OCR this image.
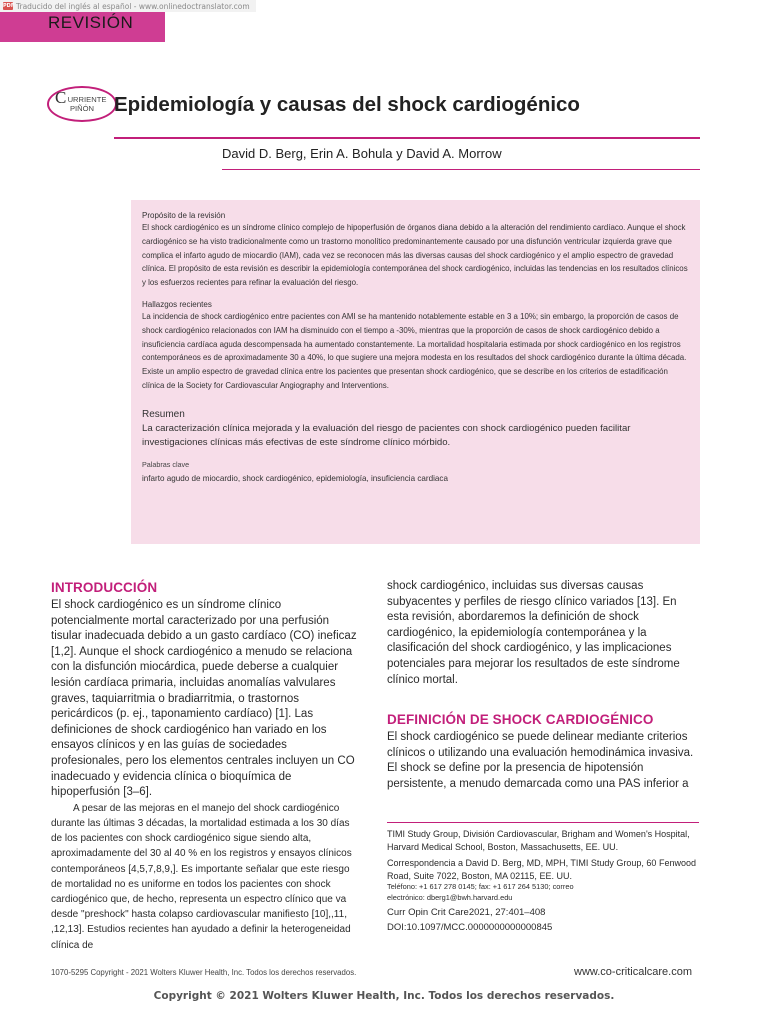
PDF Traducido del inglés al español - www.onlinedoctranslator.com
REVISIÓN
URRIENTE
PIÑÓN
C Epidemiología y causas del shock cardiogénico
David D. Berg, Erin A. Bohula y David A. Morrow
Propósito de la revisión
El shock cardiogénico es un síndrome clínico complejo de hipoperfusión de órganos diana debido a la alteración del rendimiento cardíaco. Aunque el shock cardiogénico se ha visto tradicionalmente como un trastorno monolítico predominantemente causado por una disfunción ventricular izquierda grave que complica el infarto agudo de miocardio (IAM), cada vez se reconocen más las diversas causas del shock cardiogénico y el amplio espectro de gravedad clínica. El propósito de esta revisión es describir la epidemiología contemporánea del shock cardiogénico, incluidas las tendencias en los resultados clínicos y los esfuerzos recientes para refinar la evaluación del riesgo.
Hallazgos recientes
La incidencia de shock cardiogénico entre pacientes con AMI se ha mantenido notablemente estable en 3 a 10%; sin embargo, la proporción de casos de shock cardiogénico relacionados con IAM ha disminuido con el tiempo a -30%, mientras que la proporción de casos de shock cardiogénico debido a insuficiencia cardíaca aguda descompensada ha aumentado constantemente. La mortalidad hospitalaria estimada por shock cardiogénico en los registros contemporáneos es de aproximadamente 30 a 40%, lo que sugiere una mejora modesta en los resultados del shock cardiogénico durante la última década. Existe un amplio espectro de gravedad clínica entre los pacientes que presentan shock cardiogénico, que se describe en los criterios de estadificación clínica de la Society for Cardiovascular Angiography and Interventions.
Resumen
La caracterización clínica mejorada y la evaluación del riesgo de pacientes con shock cardiogénico pueden facilitar investigaciones clínicas más efectivas de este síndrome clínico mórbido.
Palabras clave
infarto agudo de miocardio, shock cardiogénico, epidemiología, insuficiencia cardiaca
INTRODUCCIÓN

El shock cardiogénico es un síndrome clínico potencialmente mortal caracterizado por una perfusión tisular inadecuada debido a un gasto cardíaco (CO) ineficaz [1,2]. Aunque el shock cardiogénico a menudo se relaciona con la disfunción miocárdica, puede deberse a cualquier lesión cardíaca primaria, incluidas anomalías valvulares graves, taquiarritmia o bradiarritmia, o trastornos pericárdicos (p. ej., taponamiento cardíaco) [1]. Las definiciones de shock cardiogénico han variado en los ensayos clínicos y en las guías de sociedades profesionales, pero los elementos centrales incluyen un CO inadecuado y evidencia clínica o bioquímica de hipoperfusión [3–6].

A pesar de las mejoras en el manejo del shock cardiogénico durante las últimas 3 décadas, la mortalidad estimada a los 30 días de los pacientes con shock cardiogénico sigue siendo alta, aproximadamente del 30 al 40 % en los registros y ensayos clínicos contemporáneos [4,5,7,8,9,]. Es importante señalar que este riesgo de mortalidad no es uniforme en todos los pacientes con shock cardiogénico que, de hecho, representa un espectro clínico que va desde "preshock" hasta colapso cardiovascular manifiesto [10],,11, ,12,13]. Estudios recientes han ayudado a definir la heterogeneidad clínica de

shock cardiogénico, incluidas sus diversas causas subyacentes y perfiles de riesgo clínico variados [13]. En esta revisión, abordaremos la definición de shock cardiogénico, la epidemiología contemporánea y la clasificación del shock cardiogénico, y las implicaciones potenciales para mejorar los resultados de este síndrome clínico mortal.

DEFINICIÓN DE SHOCK CARDIOGÉNICO

El shock cardiogénico se puede delinear mediante criterios clínicos o utilizando una evaluación hemodinámica invasiva. El shock se define por la presencia de hipotensión persistente, a menudo demarcada como una PAS inferior a

TIMI Study Group, División Cardiovascular, Brigham and Women's Hospital, Harvard Medical School, Boston, Massachusetts, EE. UU.
Correspondencia a David D. Berg, MD, MPH, TIMI Study Group, 60 Fenwood Road, Suite 7022, Boston, MA 02115, EE. UU.
Teléfono: +1 617 278 0145; fax: +1 617 264 5130; correo
electrónico: dberg1@bwh.harvard.edu
Curr Opin Crit Care2021, 27:401–408
DOI:10.1097/MCC.0000000000000845
1070-5295 Copyright - 2021 Wolters Kluwer Health, Inc. Todos los derechos reservados.	www.co-criticalcare.com
Copyright © 2021 Wolters Kluwer Health, Inc. Todos los derechos reservados.
